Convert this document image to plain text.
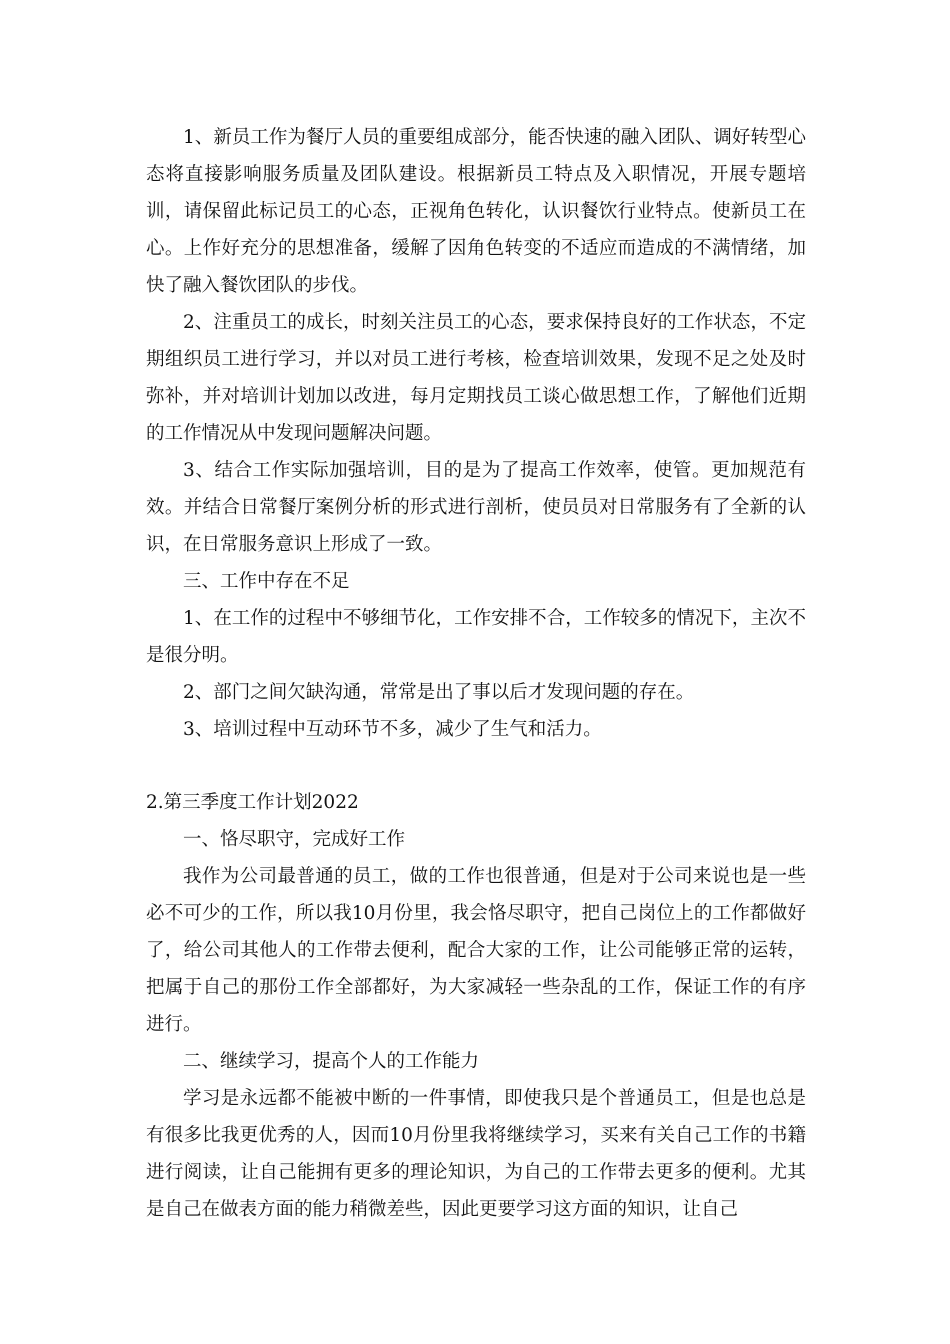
1、新员工作为餐厅人员的重要组成部分，能否快速的融入团队、调好转型心态将直接影响服务质量及团队建设。根据新员工特点及入职情况，开展专题培训，请保留此标记员工的心态，正视角色转化，认识餐饮行业特点。使新员工在心。上作好充分的思想准备，缓解了因角色转变的不适应而造成的不满情绪，加快了融入餐饮团队的步伐。

2、注重员工的成长，时刻关注员工的心态，要求保持良好的工作状态，不定期组织员工进行学习，并以对员工进行考核，检查培训效果，发现不足之处及时弥补，并对培训计划加以改进，每月定期找员工谈心做思想工作，了解他们近期的工作情况从中发现问题解决问题。

3、结合工作实际加强培训，目的是为了提高工作效率，使管。更加规范有效。并结合日常餐厅案例分析的形式进行剖析，使员员对日常服务有了全新的认识，在日常服务意识上形成了一致。

三、工作中存在不足

1、在工作的过程中不够细节化，工作安排不合，工作较多的情况下，主次不是很分明。

2、部门之间欠缺沟通，常常是出了事以后才发现问题的存在。

3、培训过程中互动环节不多，减少了生气和活力。

2.第三季度工作计划2022

一、恪尽职守，完成好工作

我作为公司最普通的员工，做的工作也很普通，但是对于公司来说也是一些必不可少的工作，所以我10月份里，我会恪尽职守，把自己岗位上的工作都做好了，给公司其他人的工作带去便利，配合大家的工作，让公司能够正常的运转，把属于自己的那份工作全部都好，为大家减轻一些杂乱的工作，保证工作的有序进行。

二、继续学习，提高个人的工作能力

学习是永远都不能被中断的一件事情，即使我只是个普通员工，但是也总是有很多比我更优秀的人，因而10月份里我将继续学习，买来有关自己工作的书籍进行阅读，让自己能拥有更多的理论知识，为自己的工作带去更多的便利。尤其是自己在做表方面的能力稍微差些，因此更要学习这方面的知识，让自己
